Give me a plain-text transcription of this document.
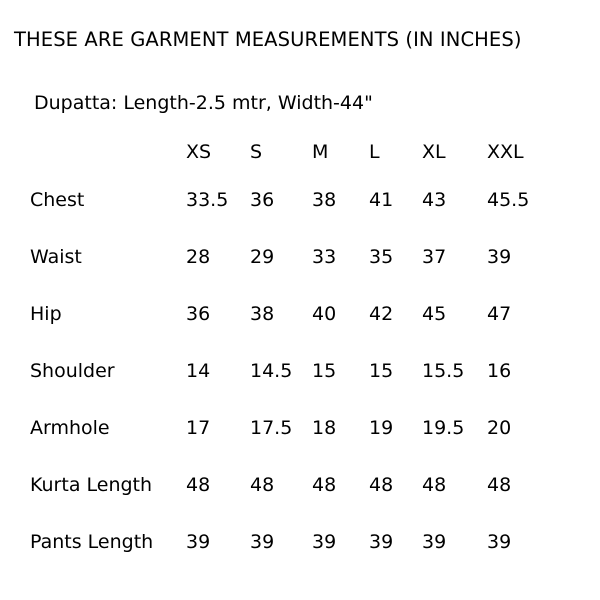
THESE ARE GARMENT MEASUREMENTS (IN INCHES)
Dupatta: Length-2.5 mtr, Width-44"
	XS	S	M	L	XL	XXL
Chest	33.5	36	38	41	43	45.5
Waist	28	29	33	35	37	39
Hip	36	38	40	42	45	47
Shoulder	14	14.5	15	15	15.5	16
Armhole	17	17.5	18	19	19.5	20
Kurta Length	48	48	48	48	48	48
Pants Length	39	39	39	39	39	39
